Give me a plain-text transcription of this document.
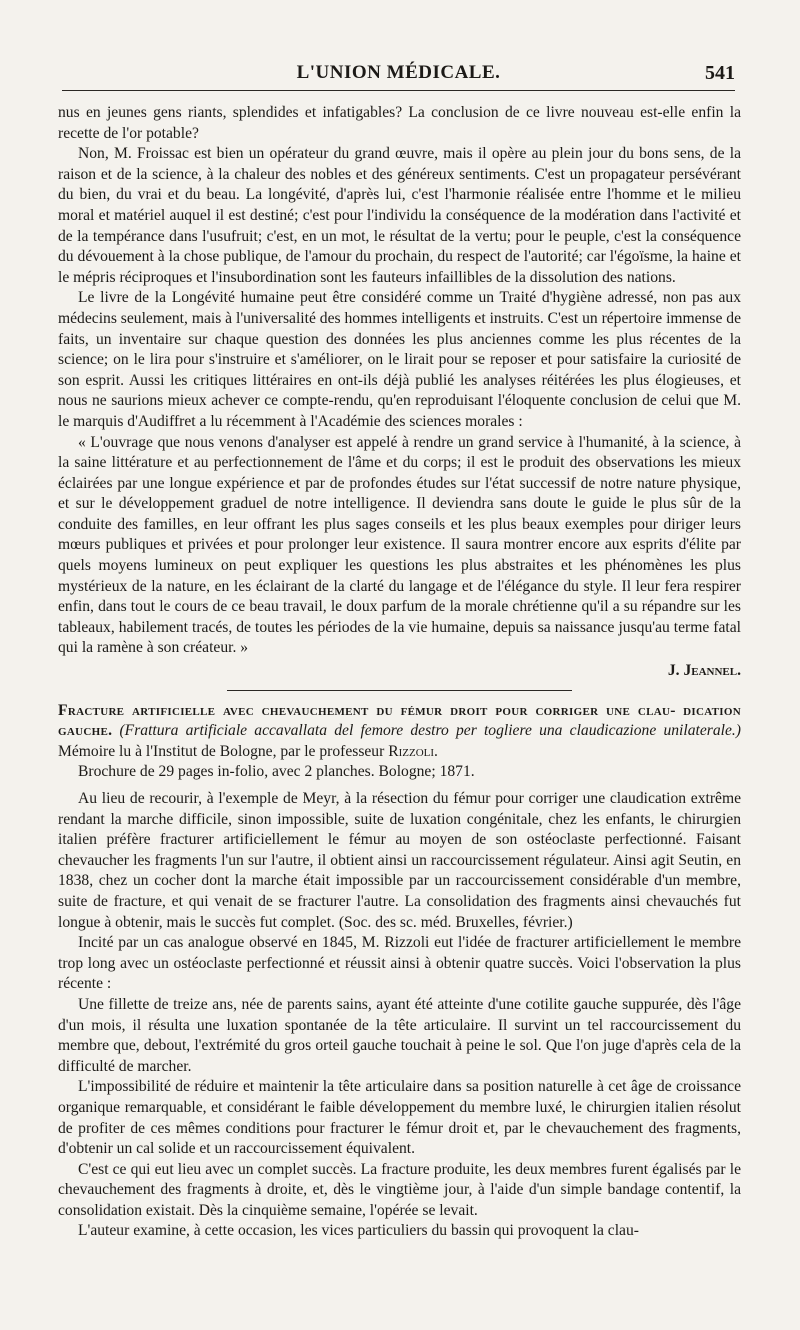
L'UNION MÉDICALE.	541

nus en jeunes gens riants, splendides et infatigables? La conclusion de ce livre nouveau est-elle enfin la recette de l'or potable?

Non, M. Froissac est bien un opérateur du grand œuvre, mais il opère au plein jour du bons sens, de la raison et de la science, à la chaleur des nobles et des généreux sentiments. C'est un propagateur persévérant du bien, du vrai et du beau. La longévité, d'après lui, c'est l'harmonie réalisée entre l'homme et le milieu moral et matériel auquel il est destiné; c'est pour l'individu la conséquence de la modération dans l'activité et de la tempérance dans l'usufruit; c'est, en un mot, le résultat de la vertu; pour le peuple, c'est la conséquence du dévouement à la chose publique, de l'amour du prochain, du respect de l'autorité; car l'égoïsme, la haine et le mépris réciproques et l'insubordination sont les fauteurs infaillibles de la dissolution des nations.

Le livre de la Longévité humaine peut être considéré comme un Traité d'hygiène adressé, non pas aux médecins seulement, mais à l'universalité des hommes intelligents et instruits. C'est un répertoire immense de faits, un inventaire sur chaque question des données les plus anciennes comme les plus récentes de la science; on le lira pour s'instruire et s'améliorer, on le lirait pour se reposer et pour satisfaire la curiosité de son esprit. Aussi les critiques littéraires en ont-ils déjà publié les analyses réitérées les plus élogieuses, et nous ne saurions mieux achever ce compte-rendu, qu'en reproduisant l'éloquente conclusion de celui que M. le marquis d'Audiffret a lu récemment à l'Académie des sciences morales :

« L'ouvrage que nous venons d'analyser est appelé à rendre un grand service à l'humanité, à la science, à la saine littérature et au perfectionnement de l'âme et du corps; il est le produit des observations les mieux éclairées par une longue expérience et par de profondes études sur l'état successif de notre nature physique, et sur le développement graduel de notre intelligence. Il deviendra sans doute le guide le plus sûr de la conduite des familles, en leur offrant les plus sages conseils et les plus beaux exemples pour diriger leurs mœurs publiques et privées et pour prolonger leur existence. Il saura montrer encore aux esprits d'élite par quels moyens lumineux on peut expliquer les questions les plus abstraites et les phénomènes les plus mystérieux de la nature, en les éclairant de la clarté du langage et de l'élégance du style. Il leur fera respirer enfin, dans tout le cours de ce beau travail, le doux parfum de la morale chrétienne qu'il a su répandre sur les tableaux, habilement tracés, de toutes les périodes de la vie humaine, depuis sa naissance jusqu'au terme fatal qui la ramène à son créateur. »

J. Jeannel.

Fracture artificielle avec chevauchement du fémur droit pour corriger une clau- dication gauche. (Frattura artificiale accavallata del femore destro per togliere una claudicazione unilaterale.) Mémoire lu à l'Institut de Bologne, par le professeur Rizzoli.
Brochure de 29 pages in-folio, avec 2 planches. Bologne; 1871.

Au lieu de recourir, à l'exemple de Meyr, à la résection du fémur pour corriger une claudication extrême rendant la marche difficile, sinon impossible, suite de luxation congénitale, chez les enfants, le chirurgien italien préfère fracturer artificiellement le fémur au moyen de son ostéoclaste perfectionné. Faisant chevaucher les fragments l'un sur l'autre, il obtient ainsi un raccourcissement régulateur. Ainsi agit Seutin, en 1838, chez un cocher dont la marche était impossible par un raccourcissement considérable d'un membre, suite de fracture, et qui venait de se fracturer l'autre. La consolidation des fragments ainsi chevauchés fut longue à obtenir, mais le succès fut complet. (Soc. des sc. méd. Bruxelles, février.)

Incité par un cas analogue observé en 1845, M. Rizzoli eut l'idée de fracturer artificiellement le membre trop long avec un ostéoclaste perfectionné et réussit ainsi à obtenir quatre succès. Voici l'observation la plus récente :

Une fillette de treize ans, née de parents sains, ayant été atteinte d'une cotilite gauche suppurée, dès l'âge d'un mois, il résulta une luxation spontanée de la tête articulaire. Il survint un tel raccourcissement du membre que, debout, l'extrémité du gros orteil gauche touchait à peine le sol. Que l'on juge d'après cela de la difficulté de marcher.

L'impossibilité de réduire et maintenir la tête articulaire dans sa position naturelle à cet âge de croissance organique remarquable, et considérant le faible développement du membre luxé, le chirurgien italien résolut de profiter de ces mêmes conditions pour fracturer le fémur droit et, par le chevauchement des fragments, d'obtenir un cal solide et un raccourcissement équivalent.

C'est ce qui eut lieu avec un complet succès. La fracture produite, les deux membres furent égalisés par le chevauchement des fragments à droite, et, dès le vingtième jour, à l'aide d'un simple bandage contentif, la consolidation existait. Dès la cinquième semaine, l'opérée se levait.

L'auteur examine, à cette occasion, les vices particuliers du bassin qui provoquent la clau-
